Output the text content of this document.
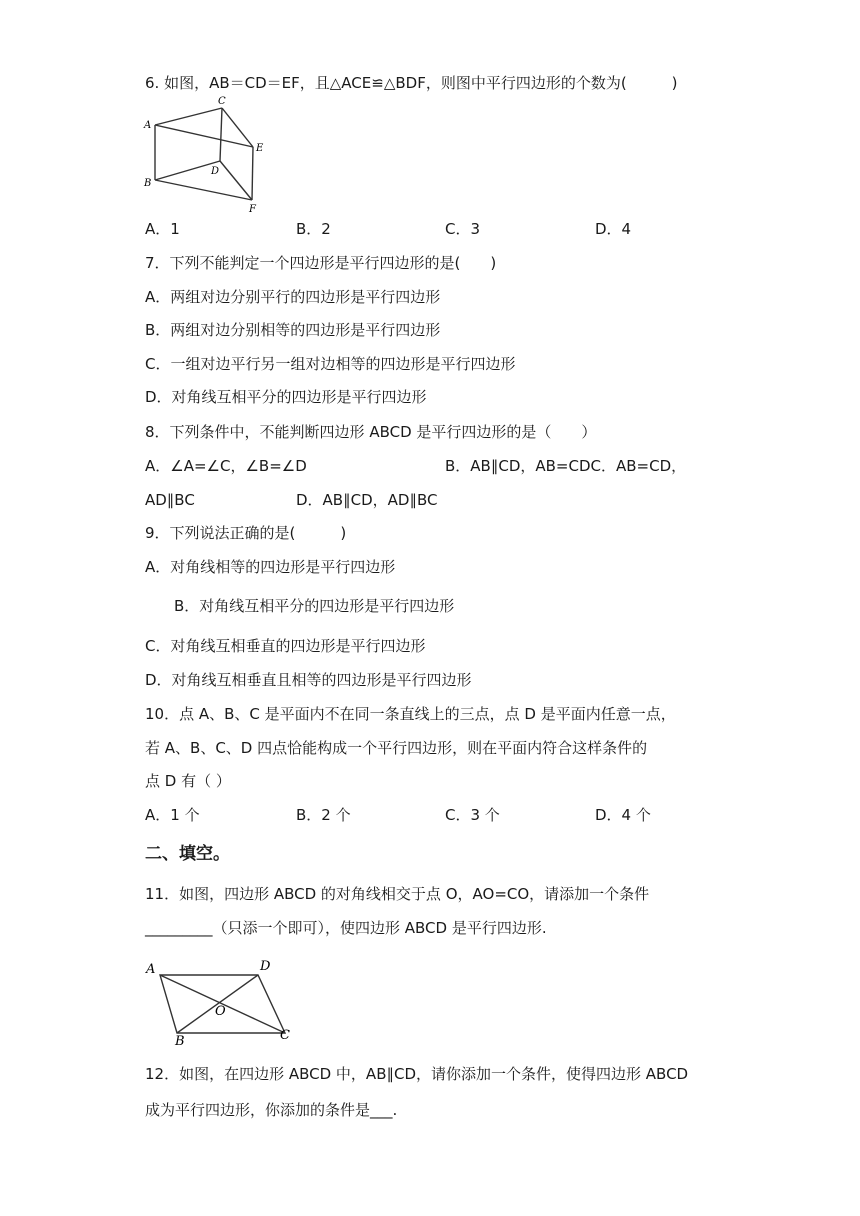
6. 如图，AB＝CD＝EF，且△ACE≌△BDF，则图中平行四边形的个数为(　　　)
A
C
E
B
D
F
A．1	B．2	C．3	D．4
7．下列不能判定一个四边形是平行四边形的是(　　)
A．两组对边分别平行的四边形是平行四边形
B．两组对边分别相等的四边形是平行四边形
C．一组对边平行另一组对边相等的四边形是平行四边形
D．对角线互相平分的四边形是平行四边形
8．下列条件中，不能判断四边形 ABCD 是平行四边形的是（　　）
A．∠A=∠C，∠B=∠D	B．AB∥CD，AB=CDC．AB=CD，
AD∥BC	D．AB∥CD，AD∥BC
9．下列说法正确的是(　　　)
A．对角线相等的四边形是平行四边形
B．对角线互相平分的四边形是平行四边形
C．对角线互相垂直的四边形是平行四边形
D．对角线互相垂直且相等的四边形是平行四边形
10．点 A、B、C 是平面内不在同一条直线上的三点，点 D 是平面内任意一点，
若 A、B、C、D 四点恰能构成一个平行四边形，则在平面内符合这样条件的
点 D 有（ ）
A．1 个	B．2 个	C．3 个	D．4 个
二、填空。
11．如图，四边形 ABCD 的对角线相交于点 O，AO=CO，请添加一个条件
_________（只添一个即可），使四边形 ABCD 是平行四边形.
A	D
O
B	C
12．如图，在四边形 ABCD 中，AB∥CD，请你添加一个条件，使得四边形 ABCD
成为平行四边形，你添加的条件是___.
